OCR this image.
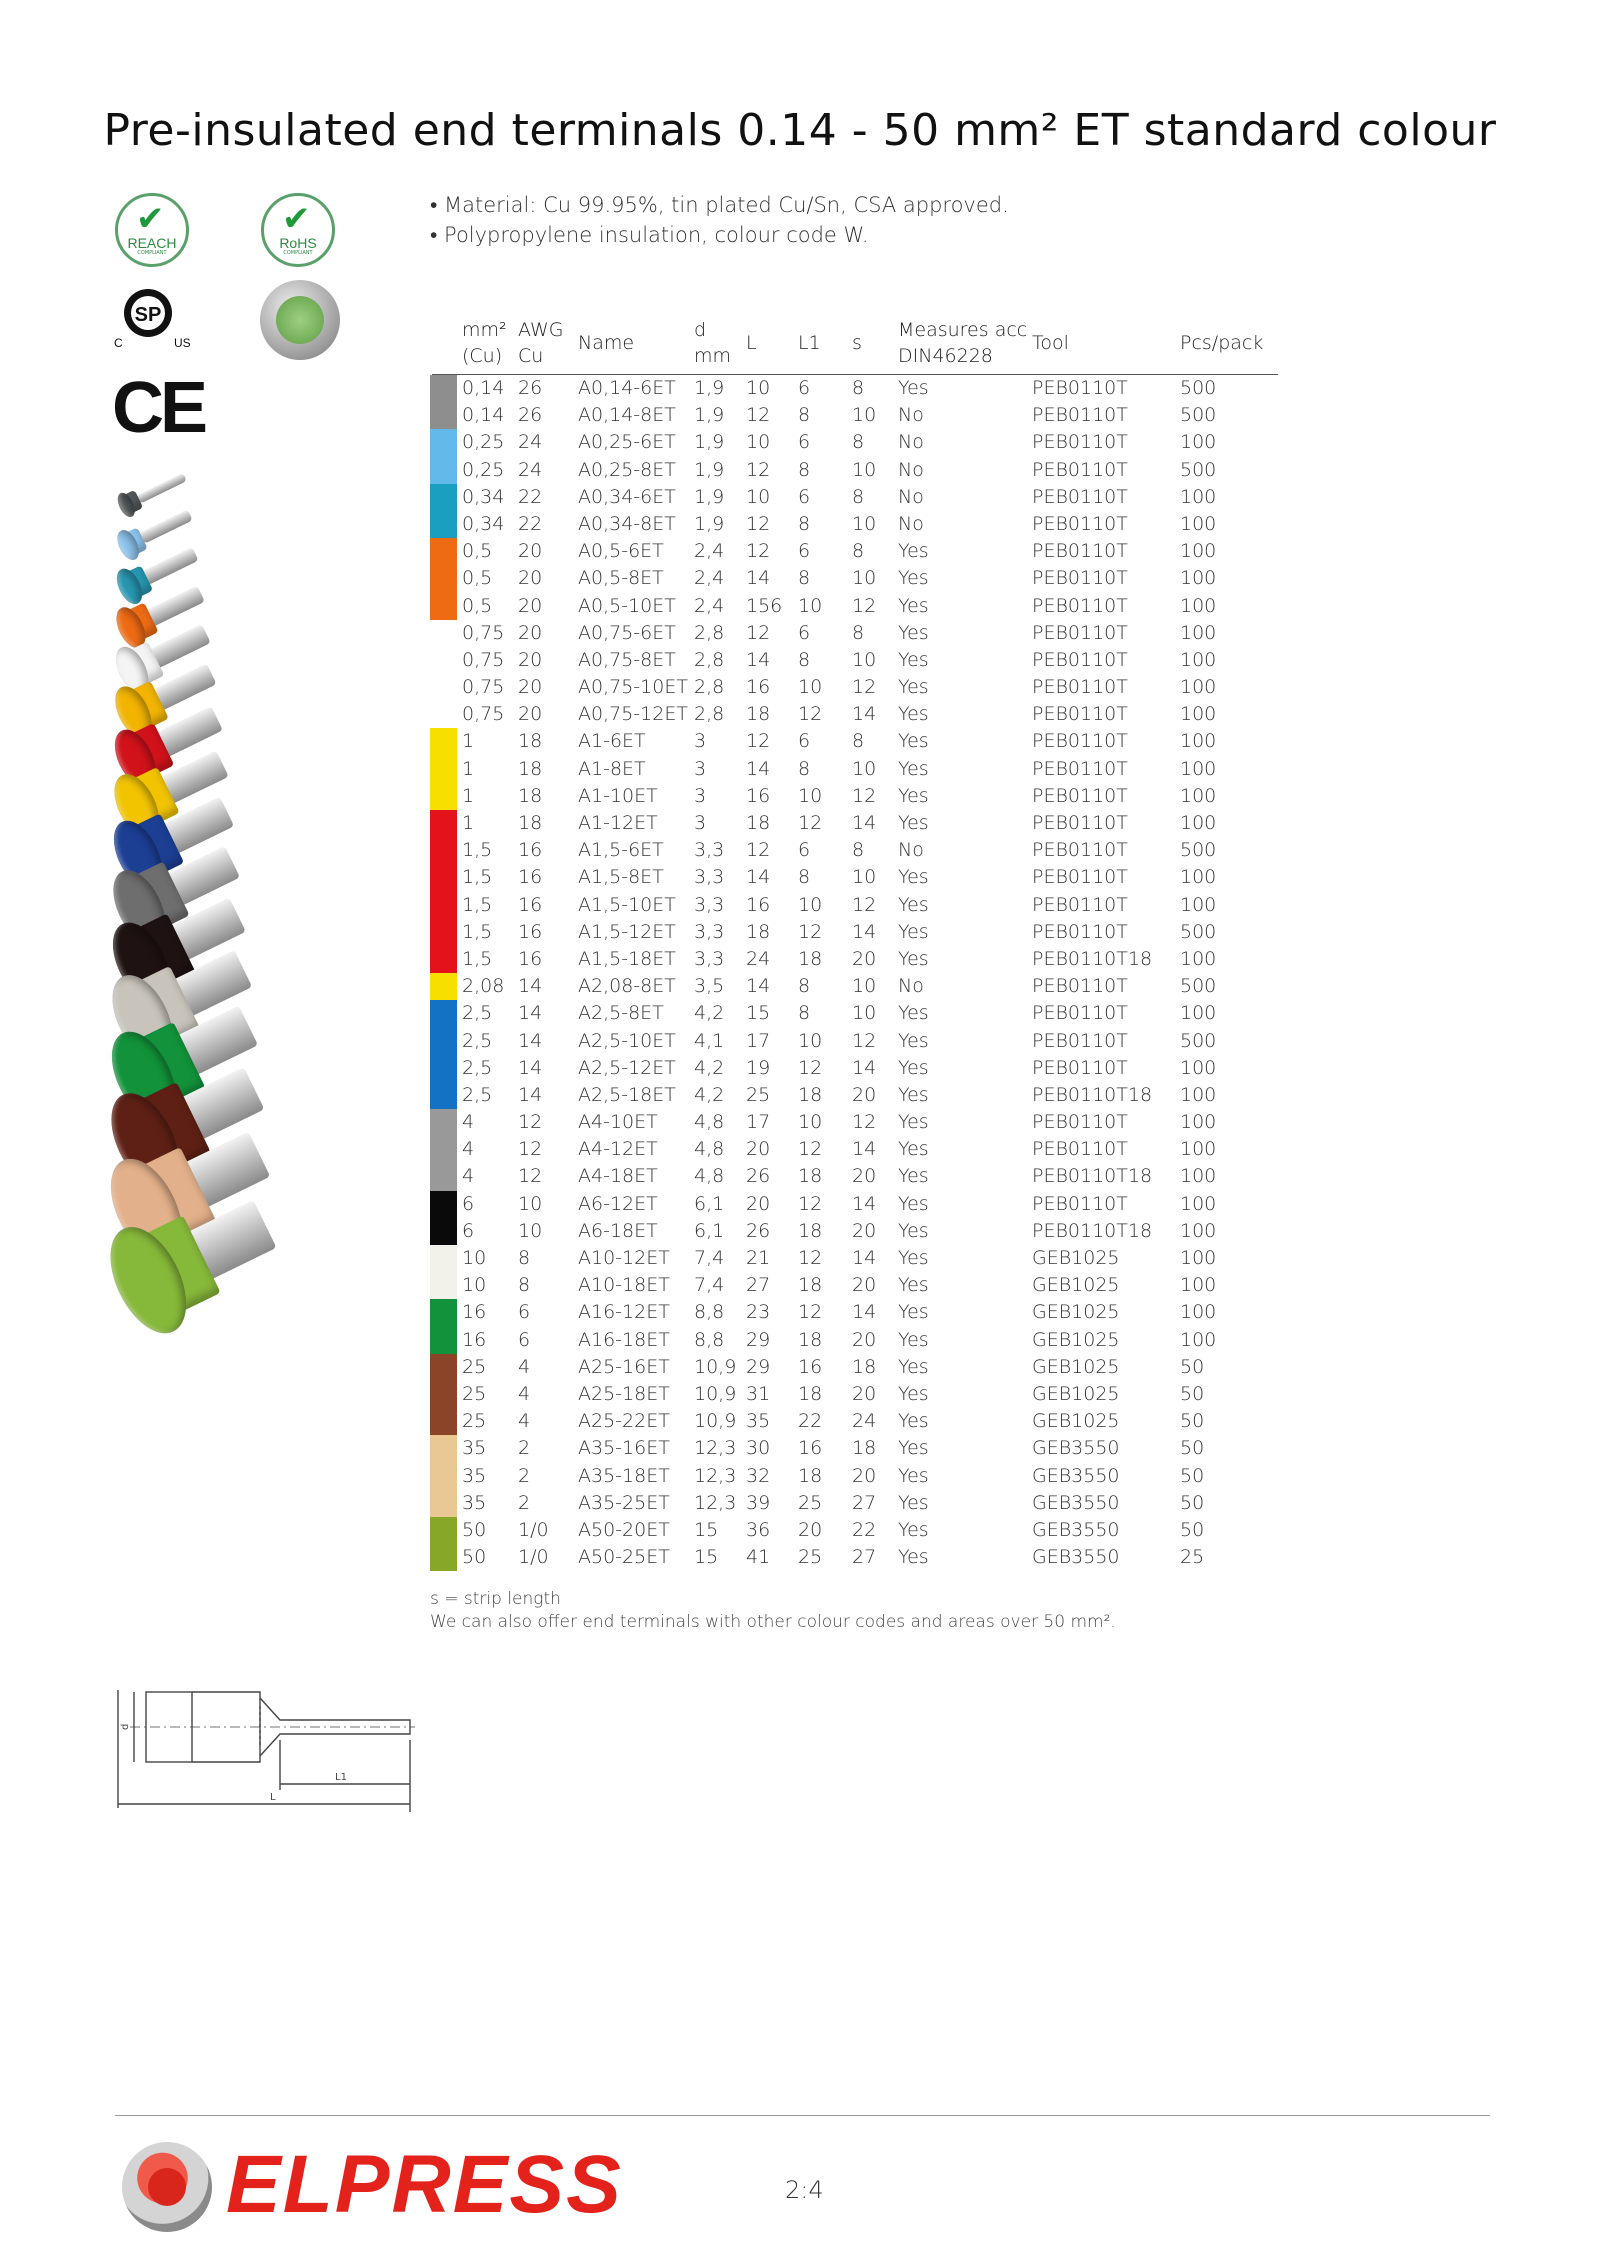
Pre-insulated end terminals 0.14 - 50 mm² ET standard colour
✔
REACH
COMPLIANT
✔
RoHS
COMPLIANT
SP
C	US
CE
• Material: Cu 99.95%, tin plated Cu/Sn, CSA approved.
• Polypropylene insulation, colour code W.
mm²
(Cu)
AWG
Cu
Name
d
mm
L L1 s
Measures acc
DIN46228
Tool	Pcs/pack
0,14 26 A0,14-6ET 1,9 10 6 8 Yes	PEB0110T	500
0,14 26 A0,14-8ET 1,9 12 8 10 No	PEB0110T	500
0,25 24 A0,25-6ET 1,9 10 6 8 No	PEB0110T	100
0,25 24 A0,25-8ET 1,9 12 8 10 No	PEB0110T	500
0,34 22 A0,34-6ET 1,9 10 6 8 No	PEB0110T	100
0,34 22 A0,34-8ET 1,9 12 8 10 No	PEB0110T	100
0,5 20 A0,5-6ET 2,4 12 6 8 Yes	PEB0110T	100
0,5 20 A0,5-8ET 2,4 14 8 10 Yes	PEB0110T	100
0,5 20 A0,5-10ET 2,4 156 10 12 Yes	PEB0110T	100
0,75 20 A0,75-6ET 2,8 12 6 8 Yes	PEB0110T	100
0,75 20 A0,75-8ET 2,8 14 8 10 Yes	PEB0110T	100
0,75 20 A0,75-10ET 2,8 16 10 12 Yes	PEB0110T	100
0,75 20 A0,75-12ET 2,8 18 12 14 Yes	PEB0110T	100
1 18 A1-6ET	3 12 6 8 Yes	PEB0110T	100
1 18 A1-8ET	3 14 8 10 Yes	PEB0110T	100
1 18 A1-10ET 3 16 10 12 Yes	PEB0110T	100
1 18 A1-12ET 3 18 12 14 Yes	PEB0110T	100
1,5 16 A1,5-6ET 3,3 12 6 8 No	PEB0110T	500
1,5 16 A1,5-8ET 3,3 14 8 10 Yes	PEB0110T	100
1,5 16 A1,5-10ET 3,3 16 10 12 Yes	PEB0110T	100
1,5 16 A1,5-12ET 3,3 18 12 14 Yes	PEB0110T	500
1,5 16 A1,5-18ET 3,3 24 18 20 Yes	PEB0110T18 100
2,08 14 A2,08-8ET 3,5 14 8 10 No	PEB0110T	500
2,5 14 A2,5-8ET 4,2 15 8 10 Yes	PEB0110T	100
2,5 14 A2,5-10ET 4,1 17 10 12 Yes	PEB0110T	500
2,5 14 A2,5-12ET 4,2 19 12 14 Yes	PEB0110T	100
2,5 14 A2,5-18ET 4,2 25 18 20 Yes	PEB0110T18 100
4 12 A4-10ET 4,8 17 10 12 Yes	PEB0110T	100
4 12 A4-12ET 4,8 20 12 14 Yes	PEB0110T	100
4 12 A4-18ET 4,8 26 18 20 Yes	PEB0110T18 100
6 10 A6-12ET 6,1 20 12 14 Yes	PEB0110T	100
6 10 A6-18ET 6,1 26 18 20 Yes	PEB0110T18 100
10 8	A10-12ET 7,4 21 12 14 Yes	GEB1025	100
10 8	A10-18ET 7,4 27 18 20 Yes	GEB1025	100
16 6	A16-12ET 8,8 23 12 14 Yes	GEB1025	100
16 6	A16-18ET 8,8 29 18 20 Yes	GEB1025	100
25 4	A25-16ET 10,9 29 16 18 Yes	GEB1025	50
25 4	A25-18ET 10,9 31 18 20 Yes	GEB1025	50
25 4	A25-22ET 10,9 35 22 24 Yes	GEB1025	50
35 2	A35-16ET 12,3 30 16 18 Yes	GEB3550	50
35 2	A35-18ET 12,3 32 18 20 Yes	GEB3550	50
35 2	A35-25ET 12,3 39 25 27 Yes	GEB3550	50
50 1/0 A50-20ET 15 36 20 22 Yes	GEB3550	50
50 1/0 A50-25ET 15 41 25 27 Yes	GEB3550	25
s = strip length
We can also offer end terminals with other colour codes and areas over 50 mm².
d
L1
L
ELPRESS	2:4
